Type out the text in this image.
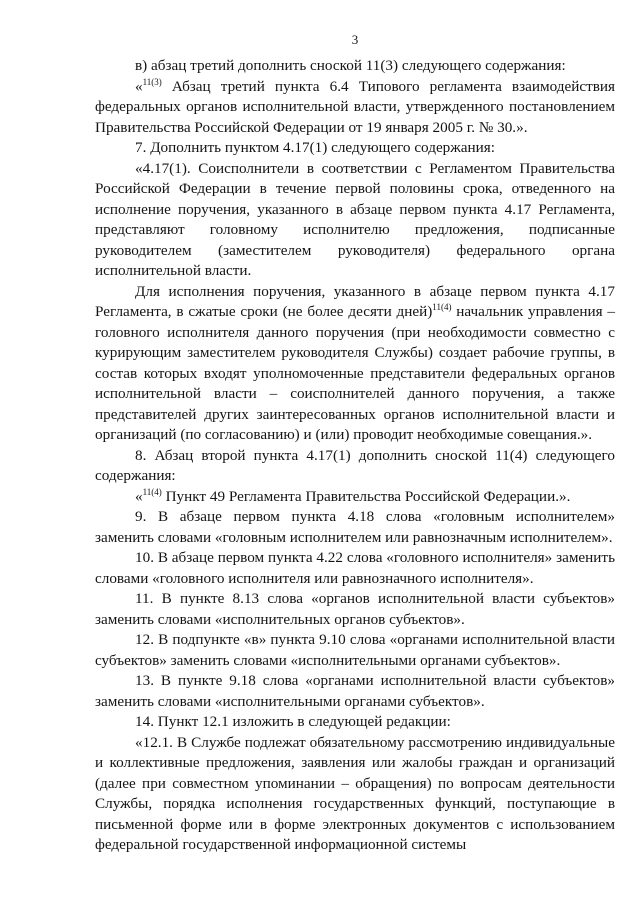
3

в) абзац третий дополнить сноской 11(3) следующего содержания:

«$^{11(3)}$ Абзац третий пункта 6.4 Типового регламента взаимодействия федеральных органов исполнительной власти, утвержденного постановлением Правительства Российской Федерации от 19 января 2005 г. № 30.».

7. Дополнить пунктом 4.17(1) следующего содержания:

«4.17(1). Соисполнители в соответствии с Регламентом Правительства Российской Федерации в течение первой половины срока, отведенного на исполнение поручения, указанного в абзаце первом пункта 4.17 Регламента, представляют головному исполнителю предложения, подписанные руководителем (заместителем руководителя) федерального органа исполнительной власти.

Для исполнения поручения, указанного в абзаце первом пункта 4.17 Регламента, в сжатые сроки (не более десяти дней)$^{11(4)}$ начальник управления – головного исполнителя данного поручения (при необходимости совместно с курирующим заместителем руководителя Службы) создает рабочие группы, в состав которых входят уполномоченные представители федеральных органов исполнительной власти – соисполнителей данного поручения, а также представителей других заинтересованных органов исполнительной власти и организаций (по согласованию) и (или) проводит необходимые совещания.».

8. Абзац второй пункта 4.17(1) дополнить сноской 11(4) следующего содержания:

«$^{11(4)}$ Пункт 49 Регламента Правительства Российской Федерации.».

9. В абзаце первом пункта 4.18 слова «головным исполнителем» заменить словами «головным исполнителем или равнозначным исполнителем».

10. В абзаце первом пункта 4.22 слова «головного исполнителя» заменить словами «головного исполнителя или равнозначного исполнителя».

11. В пункте 8.13 слова «органов исполнительной власти субъектов» заменить словами «исполнительных органов субъектов».

12. В подпункте «в» пункта 9.10 слова «органами исполнительной власти субъектов» заменить словами «исполнительными органами субъектов».

13. В пункте 9.18 слова «органами исполнительной власти субъектов» заменить словами «исполнительными органами субъектов».

14. Пункт 12.1 изложить в следующей редакции:

«12.1. В Службе подлежат обязательному рассмотрению индивидуальные и коллективные предложения, заявления или жалобы граждан и организаций (далее при совместном упоминании – обращения) по вопросам деятельности Службы, порядка исполнения государственных функций, поступающие в письменной форме или в форме электронных документов с использованием федеральной государственной информационной системы
